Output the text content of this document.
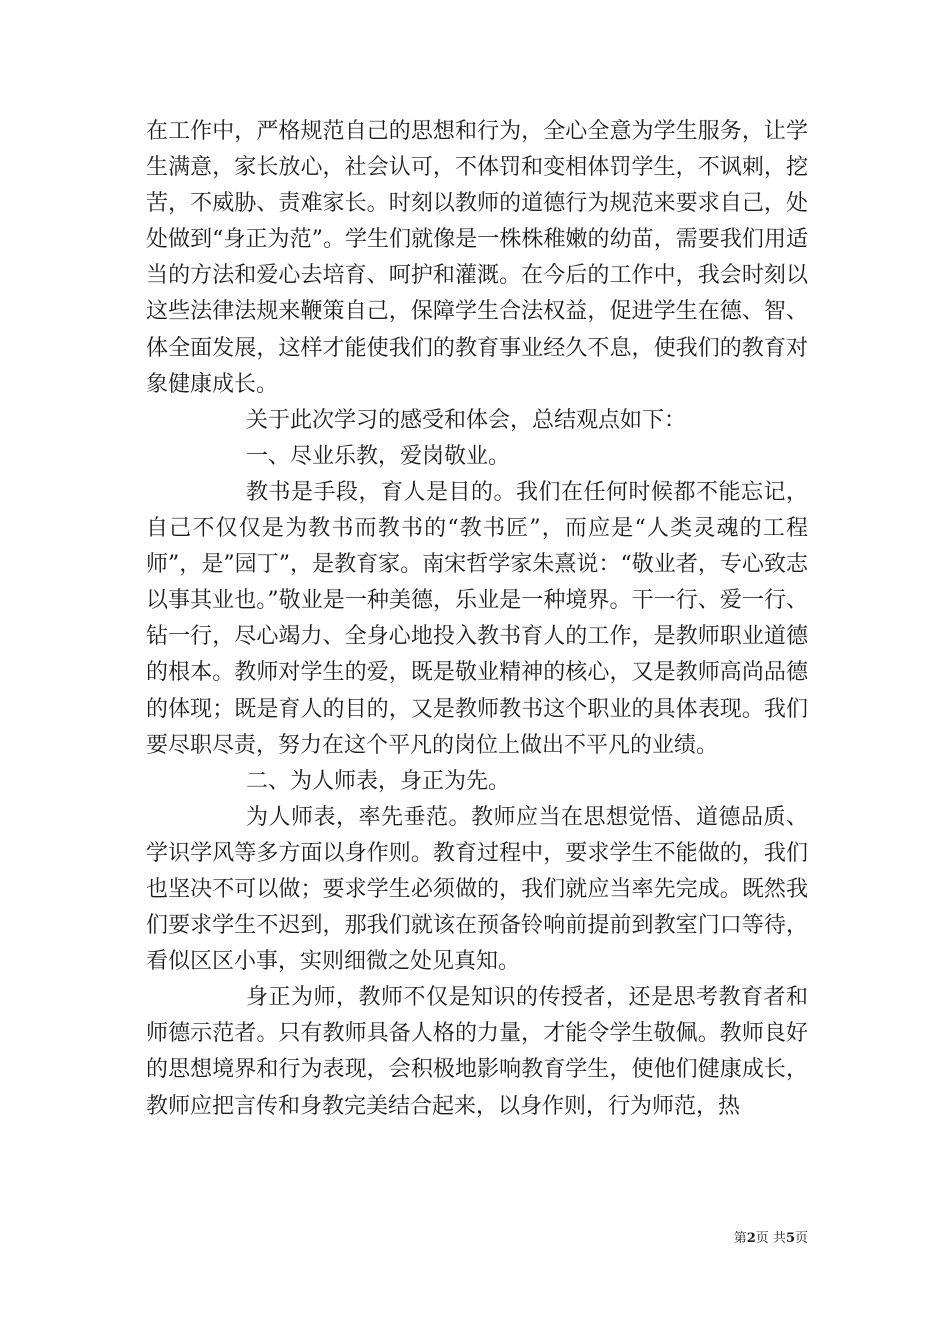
在工作中，严格规范自己的思想和行为，全心全意为学生服务，让学生满意，家长放心，社会认可，不体罚和变相体罚学生，不讽刺，挖苦，不威胁、责难家长。时刻以教师的道德行为规范来要求自己，处处做到“身正为范”。学生们就像是一株株稚嫩的幼苗，需要我们用适当的方法和爱心去培育、呵护和灌溉。在今后的工作中，我会时刻以这些法律法规来鞭策自己，保障学生合法权益，促进学生在德、智、体全面发展，这样才能使我们的教育事业经久不息，使我们的教育对象健康成长。

关于此次学习的感受和体会，总结观点如下：

一、尽业乐教，爱岗敬业。

教书是手段，育人是目的。我们在任何时候都不能忘记，自己不仅仅是为教书而教书的“教书匠”，而应是“人类灵魂的工程师”，是”园丁”，是教育家。南宋哲学家朱熹说：“敬业者，专心致志以事其业也。”敬业是一种美德，乐业是一种境界。干一行、爱一行、钻一行，尽心竭力、全身心地投入教书育人的工作，是教师职业道德的根本。教师对学生的爱，既是敬业精神的核心，又是教师高尚品德的体现；既是育人的目的，又是教师教书这个职业的具体表现。我们要尽职尽责，努力在这个平凡的岗位上做出不平凡的业绩。

二、为人师表，身正为先。

为人师表，率先垂范。教师应当在思想觉悟、道德品质、学识学风等多方面以身作则。教育过程中，要求学生不能做的，我们也坚决不可以做；要求学生必须做的，我们就应当率先完成。既然我们要求学生不迟到，那我们就该在预备铃响前提前到教室门口等待，看似区区小事，实则细微之处见真知。

身正为师，教师不仅是知识的传授者，还是思考教育者和师德示范者。只有教师具备人格的力量，才能令学生敬佩。教师良好的思想境界和行为表现，会积极地影响教育学生，使他们健康成长，教师应把言传和身教完美结合起来，以身作则，行为师范，热

第2页 共5页
